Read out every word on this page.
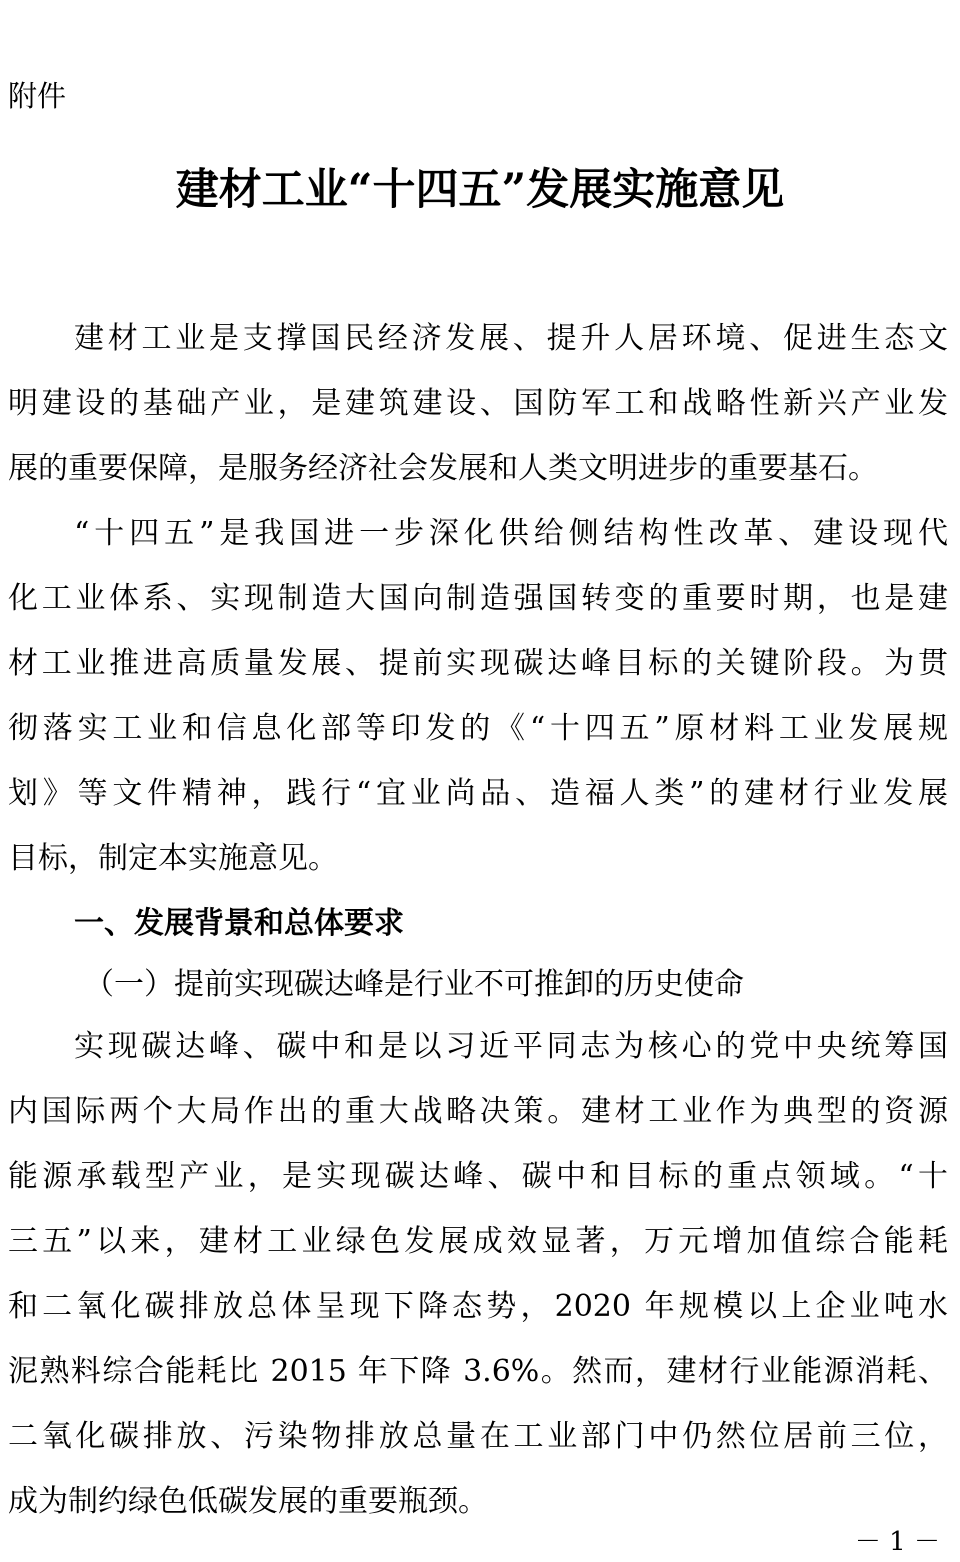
附件

建材工业“十四五”发展实施意见
建材工业是支撑国民经济发展、提升人居环境、促进生态文
明建设的基础产业，是建筑建设、国防军工和战略性新兴产业发
展的重要保障，是服务经济社会发展和人类文明进步的重要基石。
“十四五”是我国进一步深化供给侧结构性改革、建设现代
化工业体系、实现制造大国向制造强国转变的重要时期，也是建
材工业推进高质量发展、提前实现碳达峰目标的关键阶段。为贯
彻落实工业和信息化部等印发的《“十四五”原材料工业发展规
划》等文件精神，践行“宜业尚品、造福人类”的建材行业发展
目标，制定本实施意见。
一、发展背景和总体要求
（一）提前实现碳达峰是行业不可推卸的历史使命
实现碳达峰、碳中和是以习近平同志为核心的党中央统筹国
内国际两个大局作出的重大战略决策。建材工业作为典型的资源
能源承载型产业，是实现碳达峰、碳中和目标的重点领域。“十
三五”以来，建材工业绿色发展成效显著，万元增加值综合能耗
和二氧化碳排放总体呈现下降态势，2020 年规模以上企业吨水
泥熟料综合能耗比 2015 年下降 3.6%。然而，建材行业能源消耗、
二氧化碳排放、污染物排放总量在工业部门中仍然位居前三位，
成为制约绿色低碳发展的重要瓶颈。

－ 1 －
